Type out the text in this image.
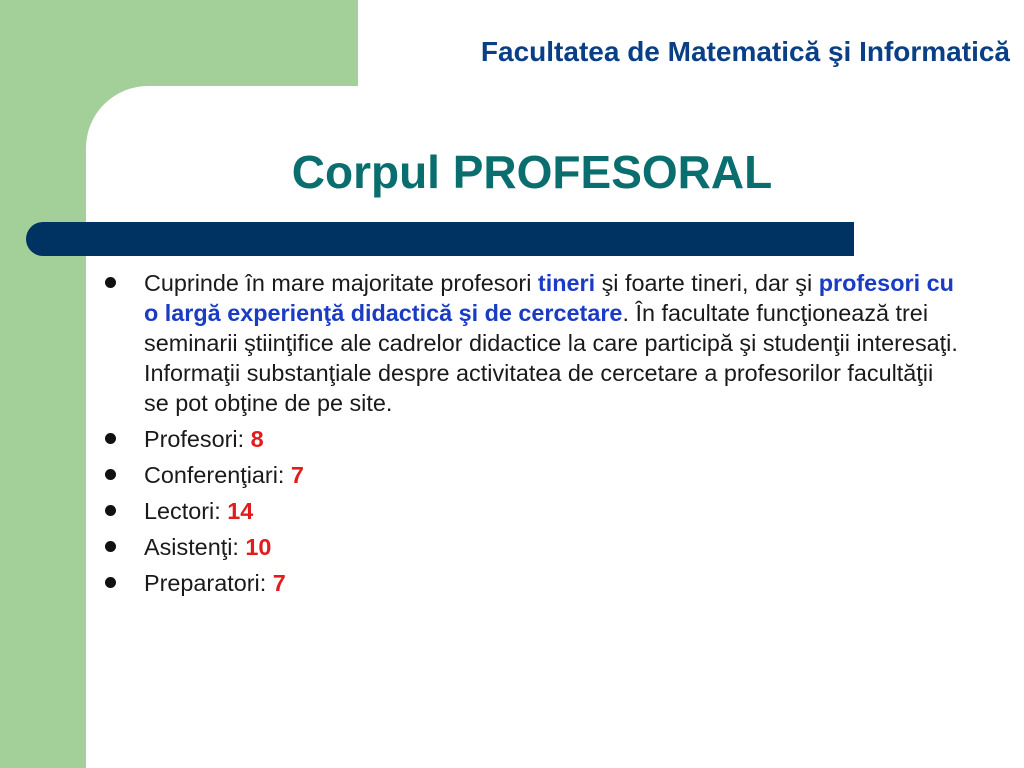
Facultatea de Matematică şi Informatică
Corpul PROFESORAL
Cuprinde în mare majoritate profesori tineri şi foarte tineri, dar şi profesori cu o largă experienţă didactică şi de cercetare. În facultate funcţionează trei seminarii ştiinţifice ale cadrelor didactice la care participă şi studenţii interesaţi. Informaţii substanţiale despre activitatea de cercetare a profesorilor facultăţii se pot obţine de pe site.
Profesori: 8
Conferenţiari: 7
Lectori: 14
Asistenţi: 10
Preparatori: 7
